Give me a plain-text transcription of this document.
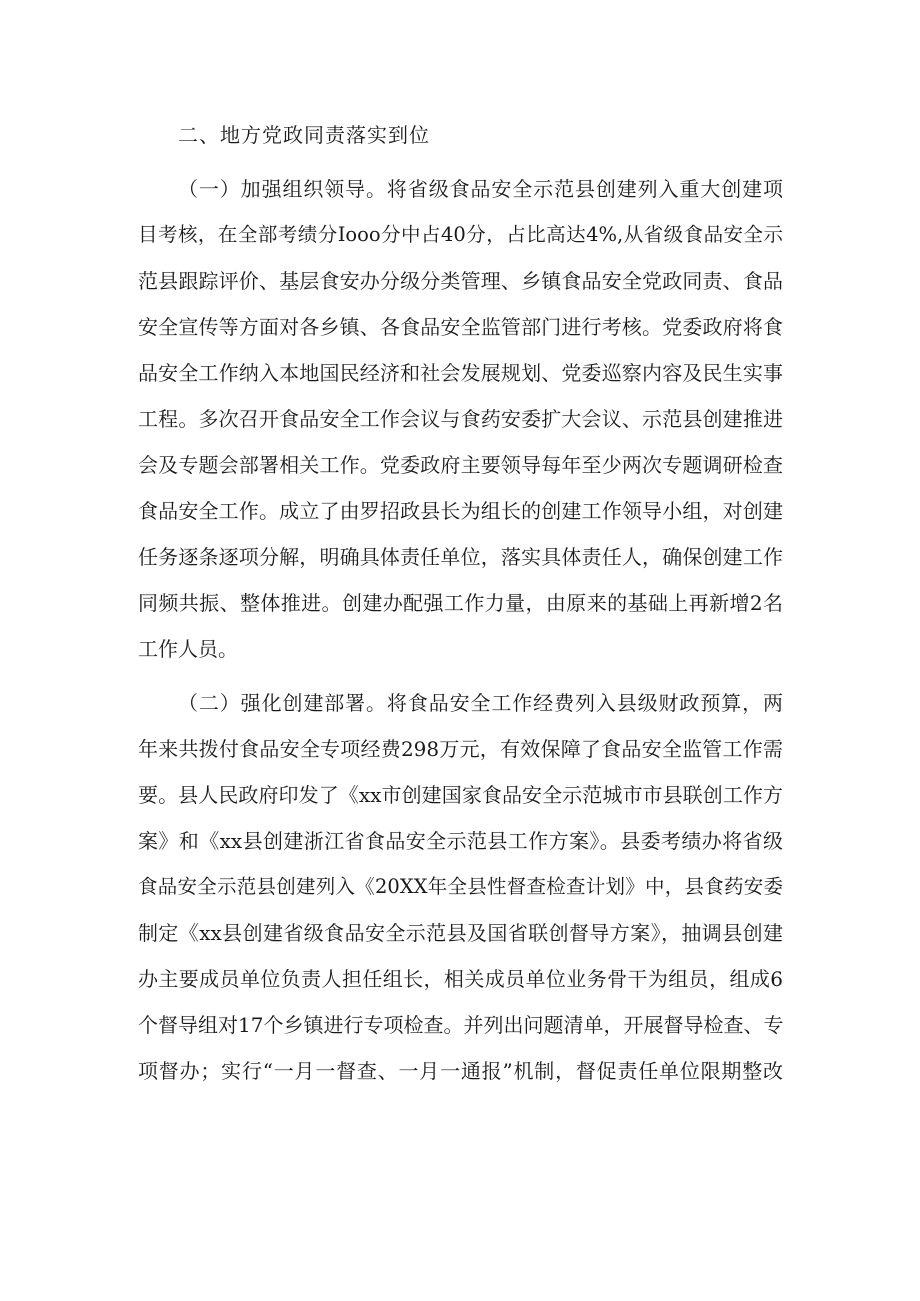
二、地方党政同责落实到位
（一）加强组织领导。将省级食品安全示范县创建列入重大创建项
目考核，在全部考绩分Iooo分中占40分，占比高达4%,从省级食品安全示
范县跟踪评价、基层食安办分级分类管理、乡镇食品安全党政同责、食品
安全宣传等方面对各乡镇、各食品安全监管部门进行考核。党委政府将食
品安全工作纳入本地国民经济和社会发展规划、党委巡察内容及民生实事
工程。多次召开食品安全工作会议与食药安委扩大会议、示范县创建推进
会及专题会部署相关工作。党委政府主要领导每年至少两次专题调研检查
食品安全工作。成立了由罗招政县长为组长的创建工作领导小组，对创建
任务逐条逐项分解，明确具体责任单位，落实具体责任人，确保创建工作
同频共振、整体推进。创建办配强工作力量，由原来的基础上再新增2名
工作人员。
（二）强化创建部署。将食品安全工作经费列入县级财政预算，两
年来共拨付食品安全专项经费298万元，有效保障了食品安全监管工作需
要。县人民政府印发了《xx市创建国家食品安全示范城市市县联创工作方
案》和《xx县创建浙江省食品安全示范县工作方案》。县委考绩办将省级
食品安全示范县创建列入《20XX年全县性督查检查计划》中，县食药安委
制定《xx县创建省级食品安全示范县及国省联创督导方案》，抽调县创建
办主要成员单位负责人担任组长，相关成员单位业务骨干为组员，组成6
个督导组对17个乡镇进行专项检查。并列出问题清单，开展督导检查、专
项督办；实行“一月一督查、一月一通报”机制，督促责任单位限期整改
